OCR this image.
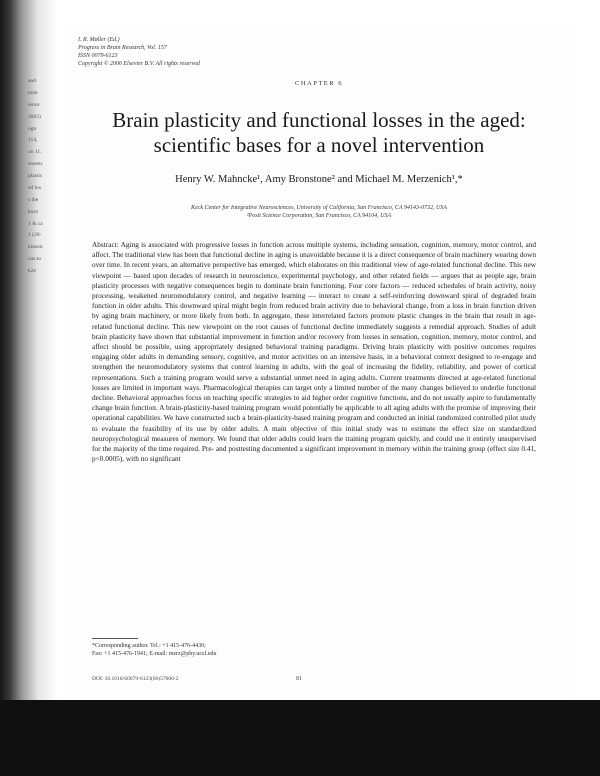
and
tone
ience
2003)
ogn
114,
on 11.
eosem.
plastic
ed los
s the
kuro
1 & ca
1 (20-
kinson
nas.to
k2e
I. R. Møller (Ed.)
Progress in Brain Research, Vol. 157
ISSN 0079-6123
Copyright © 2006 Elsevier B.V. All rights reserved
CHAPTER 6
Brain plasticity and functional losses in the aged:
scientific bases for a novel intervention
Henry W. Mahncke¹, Amy Bronstone² and Michael M. Merzenich¹,*
Keck Center for Integrative Neurosciences, University of California, San Francisco, CA 94143-0732, USA
²Posit Science Corporation, San Francisco, CA 94104, USA
Abstract: Aging is associated with progressive losses in function across multiple systems, including sensation, cognition, memory, motor control, and affect. The traditional view has been that functional decline in aging is unavoidable because it is a direct consequence of brain machinery wearing down over time. In recent years, an alternative perspective has emerged, which elaborates on this traditional view of age-related functional decline. This new viewpoint — based upon decades of research in neuroscience, experimental psychology, and other related fields — argues that as people age, brain plasticity processes with negative consequences begin to dominate brain functioning. Four core factors — reduced schedules of brain activity, noisy processing, weakened neuromodulatory control, and negative learning — interact to create a self-reinforcing downward spiral of degraded brain function in older adults. This downward spiral might begin from reduced brain activity due to behavioral change, from a loss in brain function driven by aging brain machinery, or more likely from both. In aggregate, these interrelated factors promote plastic changes in the brain that result in age-related functional decline. This new viewpoint on the root causes of functional decline immediately suggests a remedial approach. Studies of adult brain plasticity have shown that substantial improvement in function and/or recovery from losses in sensation, cognition, memory, motor control, and affect should be possible, using appropriately designed behavioral training paradigms. Driving brain plasticity with positive outcomes requires engaging older adults in demanding sensory, cognitive, and motor activities on an intensive basis, in a behavioral context designed to re-engage and strengthen the neuromodulatory systems that control learning in adults, with the goal of increasing the fidelity, reliability, and power of cortical representations. Such a training program would serve a substantial unmet need in aging adults. Current treatments directed at age-related functional losses are limited in important ways. Pharmacological therapies can target only a limited number of the many changes believed to underlie functional decline. Behavioral approaches focus on teaching specific strategies to aid higher order cognitive functions, and do not usually aspire to fundamentally change brain function. A brain-plasticity-based training program would potentially be applicable to all aging adults with the promise of improving their operational capabilities. We have constructed such a brain-plasticity-based training program and conducted an initial randomized controlled pilot study to evaluate the feasibility of its use by older adults. A main objective of this initial study was to estimate the effect size on standardized neuropsychological measures of memory. We found that older adults could learn the training program quickly, and could use it entirely unsupervised for the majority of the time required. Pre- and posttesting documented a significant improvement in memory within the training group (effect size 0.41, p<0.0005), with no significant
*Corresponding author. Tel.: +1 415-476-4430;
Fax: +1 415-476-1941; E-mail: merz@phy.ucsf.edu
DOI: 10.1016/S0079-6123(06)57006-2	81
